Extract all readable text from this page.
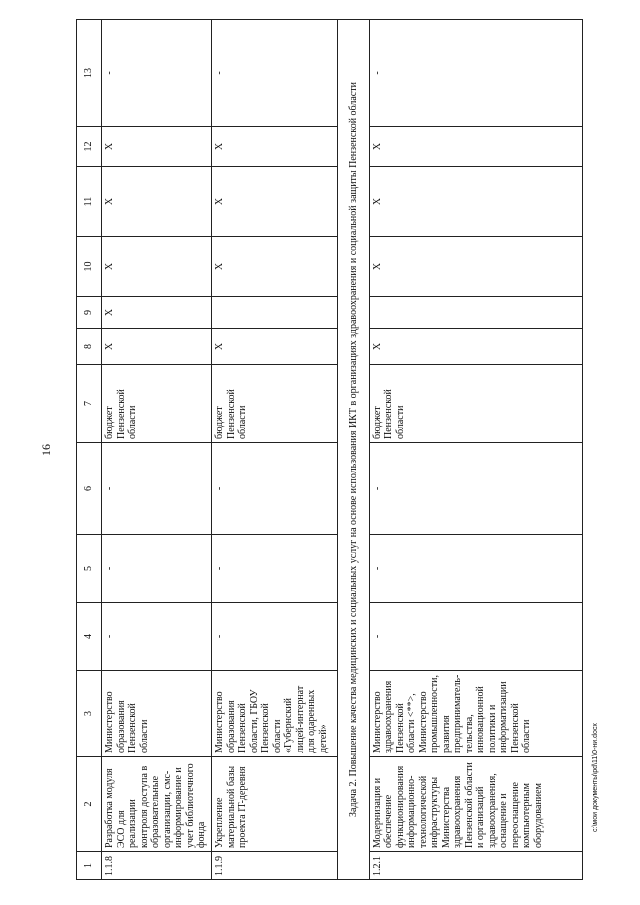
16
c:\мои документы\pd\11\0-ни.docx
1	2	3	4	5	6	7	8	9	10	11	12	13
1.1.8	Разработка модуля ЭСО для реализации контроля доступа в образовательные организации, смс-информирование и учет библиотечного фонда	Министерство образования Пензенской области	-	-	-	бюджет Пензенской области	X	X	X	X	X	-
1.1.9	Укрепление материальной базы проекта IT-деревня	Министерство образования Пензенской области, ГБОУ Пензенской области «Губернский лицей-интернат для одаренных детей»	-	-	-	бюджет Пензенской области	X		X	X	X	-
Задача 2. Повышение качества медицинских и социальных услуг на основе использования ИКТ в организациях здравоохранения и социальной защиты Пензенской области												
1.2.1	Модернизация и обеспечение функционирования информационно-технологической инфраструктуры Министерства здравоохранения Пензенской области и организаций здравоохранения, оснащение и переоснащение компьютерным оборудованием	Министерство здравоохранения Пензенской области <**>, Министерство промышленности, развития предприниматель-тельства, инновационной политики и информатизации Пензенской области	-	-	-	бюджет Пензенской области	X		X	X	X	-
